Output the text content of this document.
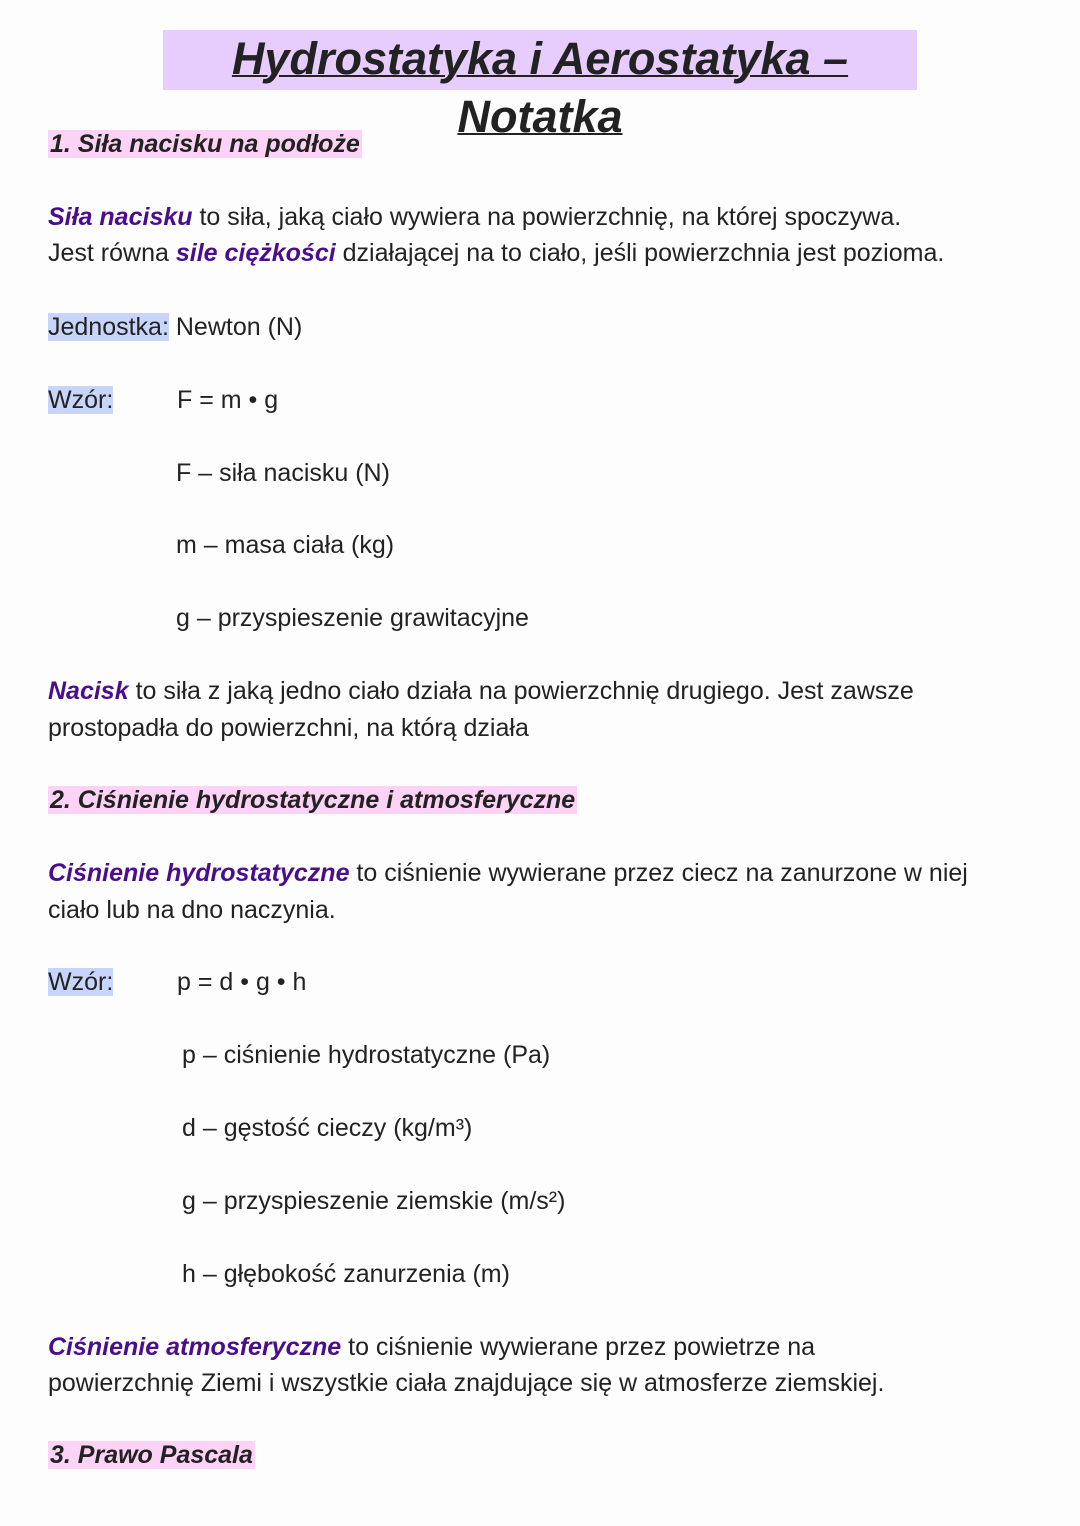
Hydrostatyka i Aerostatyka – Notatka
1. Siła nacisku na podłoże
Siła nacisku to siła, jaką ciało wywiera na powierzchnię, na której spoczywa.
Jest równa sile ciężkości działającej na to ciało, jeśli powierzchnia jest pozioma.
Jednostka: Newton (N)
Wzór:	F = m • g
F – siła nacisku (N)
m – masa ciała (kg)
g – przyspieszenie grawitacyjne
Nacisk to siła z jaką jedno ciało działa na powierzchnię drugiego. Jest zawsze
prostopadła do powierzchni, na którą działa
2. Ciśnienie hydrostatyczne i atmosferyczne
Ciśnienie hydrostatyczne to ciśnienie wywierane przez ciecz na zanurzone w niej
ciało lub na dno naczynia.
Wzór:	p = d • g • h
p – ciśnienie hydrostatyczne (Pa)
d – gęstość cieczy (kg/m³)
g – przyspieszenie ziemskie (m/s²)
h – głębokość zanurzenia (m)
Ciśnienie atmosferyczne to ciśnienie wywierane przez powietrze na
powierzchnię Ziemi i wszystkie ciała znajdujące się w atmosferze ziemskiej.
3. Prawo Pascala
